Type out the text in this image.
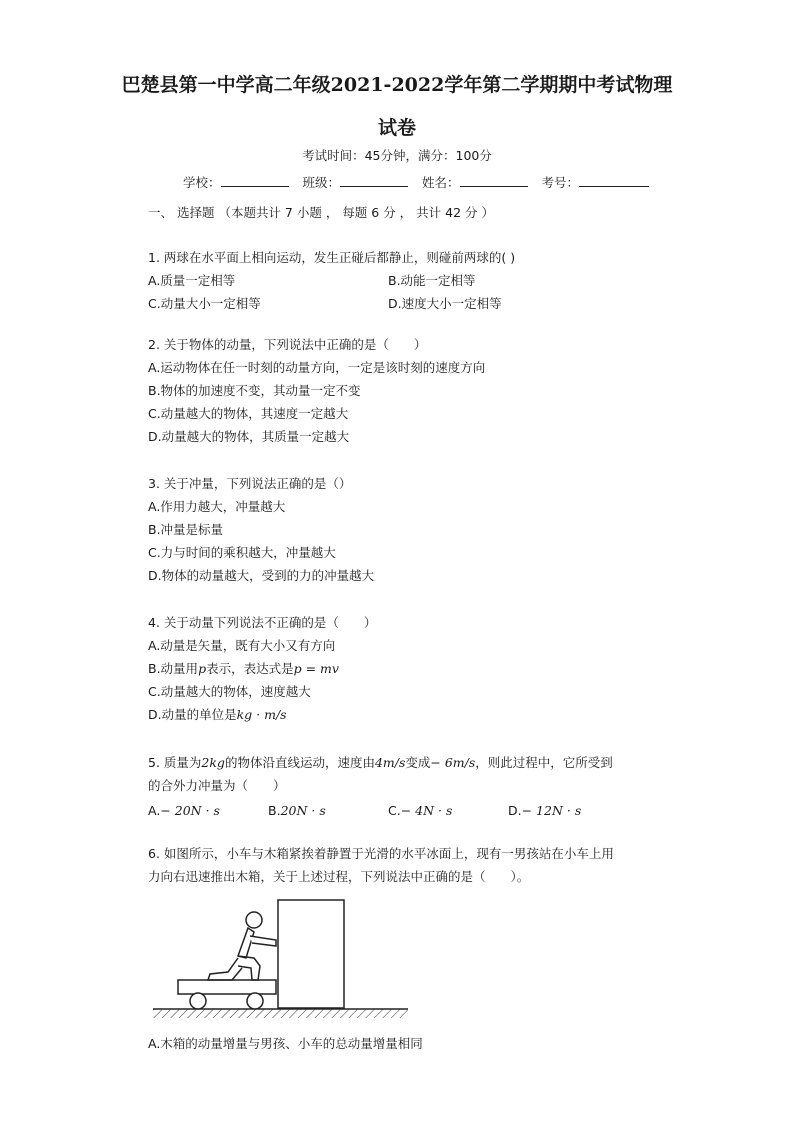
巴楚县第一中学高二年级2021-2022学年第二学期期中考试物理
试卷
考试时间：45分钟，满分：100分
学校：	班级：	姓名：	考号：
一、 选择题 （本题共计 7 小题 ， 每题 6 分 ， 共计 42 分 ）
1. 两球在水平面上相向运动，发生正碰后都静止，则碰前两球的( )
A.质量一定相等	B.动能一定相等
C.动量大小一定相等	D.速度大小一定相等
2. 关于物体的动量，下列说法中正确的是（　　）
A.运动物体在任一时刻的动量方向，一定是该时刻的速度方向
B.物体的加速度不变，其动量一定不变
C.动量越大的物体，其速度一定越大
D.动量越大的物体，其质量一定越大
3. 关于冲量，下列说法正确的是（）
A.作用力越大，冲量越大
B.冲量是标量
C.力与时间的乘积越大，冲量越大
D.物体的动量越大，受到的力的冲量越大
4. 关于动量下列说法不正确的是（　　）
A.动量是矢量，既有大小又有方向
B.动量用p表示，表达式是p = mv
C.动量越大的物体，速度越大
D.动量的单位是kg · m/s
5. 质量为2kg的物体沿直线运动，速度由4m/s变成− 6m/s，则此过程中，它所受到
的合外力冲量为（　　）
A.− 20N · s	B.20N · s	C.− 4N · s	D.− 12N · s
6. 如图所示，小车与木箱紧挨着静置于光滑的水平冰面上，现有一男孩站在小车上用
力向右迅速推出木箱，关于上述过程，下列说法中正确的是（　　）。
A.木箱的动量增量与男孩、小车的总动量增量相同
